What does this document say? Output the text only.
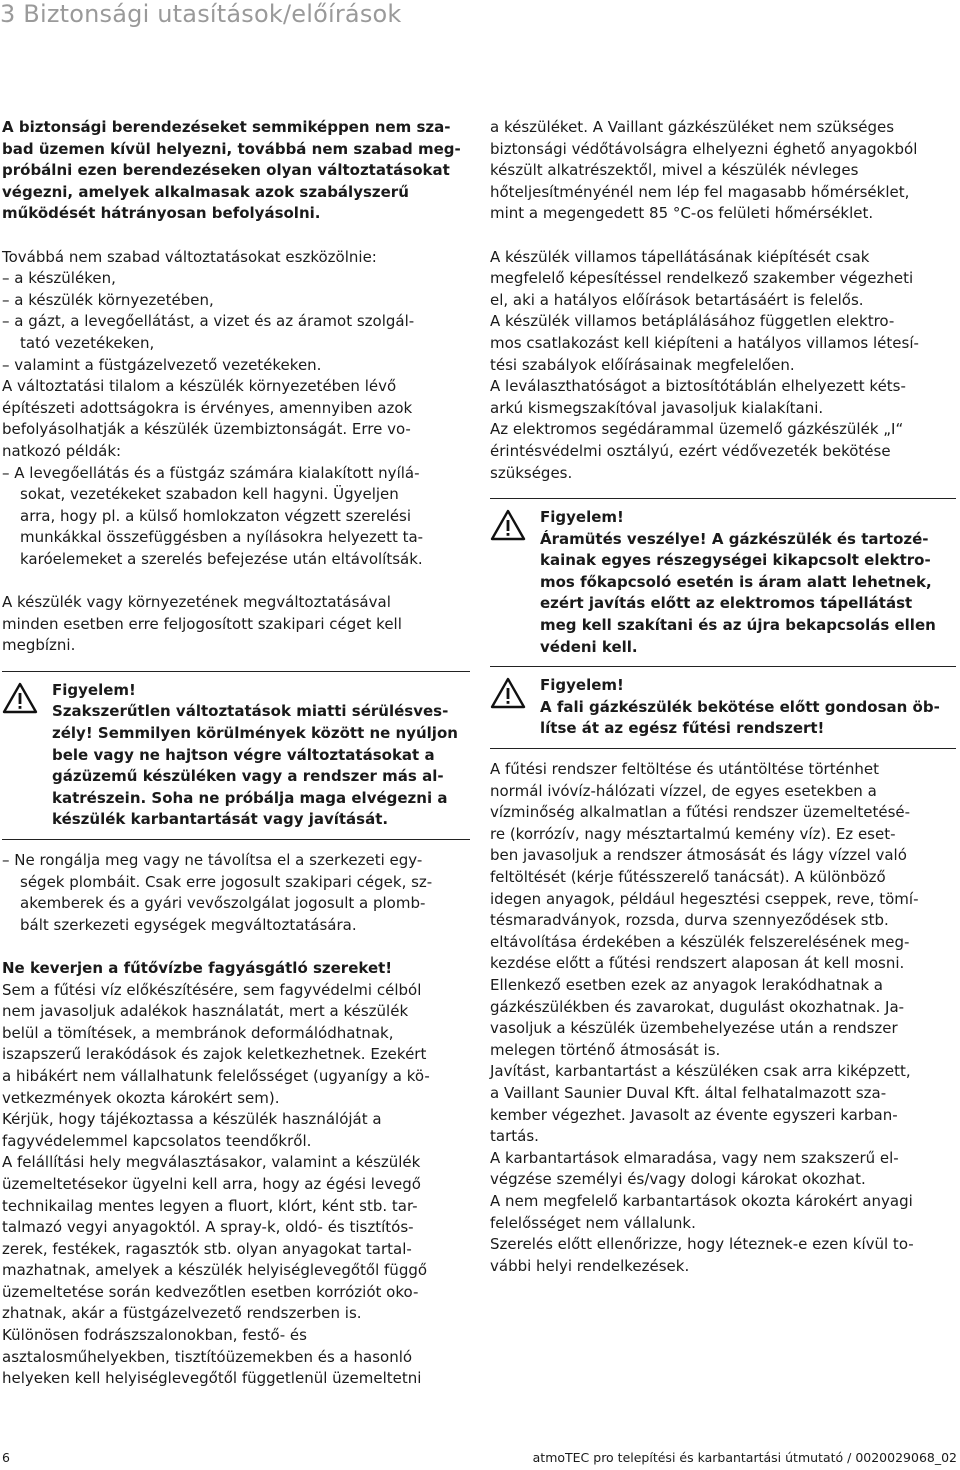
3 Biztonsági utasítások/előírások
A biztonsági berendezéseket semmiképpen nem sza-
bad üzemen kívül helyezni, továbbá nem szabad meg-
próbálni ezen berendezéseken olyan változtatásokat
végezni, amelyek alkalmasak azok szabályszerű
működését hátrányosan befolyásolni.
Továbbá nem szabad változtatásokat eszközölnie:
– a készüléken,
– a készülék környezetében,
– a gázt, a levegőellátást, a vizet és az áramot szolgál-
tató vezetékeken,
– valamint a füstgázelvezető vezetékeken.
A változtatási tilalom a készülék környezetében lévő
építészeti adottságokra is érvényes, amennyiben azok
befolyásolhatják a készülék üzembiztonságát. Erre vo-
natkozó példák:
– A levegőellátás és a füstgáz számára kialakított nyílá-
sokat, vezetékeket szabadon kell hagyni. Ügyeljen
arra, hogy pl. a külső homlokzaton végzett szerelési
munkákkal összefüggésben a nyílásokra helyezett ta-
karóelemeket a szerelés befejezése után eltávolítsák.
A készülék vagy környezetének megváltoztatásával
minden esetben erre feljogosított szakipari céget kell
megbízni.
Figyelem!
Szakszerűtlen változtatások miatti sérülésves-
zély! Semmilyen körülmények között ne nyúljon
bele vagy ne hajtson végre változtatásokat a
gázüzemű készüléken vagy a rendszer más al-
katrészein. Soha ne próbálja maga elvégezni a
készülék karbantartását vagy javítását.
– Ne rongálja meg vagy ne távolítsa el a szerkezeti egy-
ségek plombáit. Csak erre jogosult szakipari cégek, sz-
akemberek és a gyári vevőszolgálat jogosult a plomb-
bált szerkezeti egységek megváltoztatására.
Ne keverjen a fűtővízbe fagyásgátló szereket!
Sem a fűtési víz előkészítésére, sem fagyvédelmi célból
nem javasoljuk adalékok használatát, mert a készülék
belül a tömítések, a membránok deformálódhatnak,
iszapszerű lerakódások és zajok keletkezhetnek. Ezekért
a hibákért nem vállalhatunk felelősséget (ugyanígy a kö-
vetkezmények okozta károkért sem).
Kérjük, hogy tájékoztassa a készülék használóját a
fagyvédelemmel kapcsolatos teendőkről.
A felállítási hely megválasztásakor, valamint a készülék
üzemeltetésekor ügyelni kell arra, hogy az égési levegő
technikailag mentes legyen a fluort, klórt, ként stb. tar-
talmazó vegyi anyagoktól. A spray-k, oldó- és tisztítós-
zerek, festékek, ragasztók stb. olyan anyagokat tartal-
mazhatnak, amelyek a készülék helyiséglevegőtől függő
üzemeltetése során kedvezőtlen esetben korróziót oko-
zhatnak, akár a füstgázelvezető rendszerben is.
Különösen fodrászszalonokban, festő- és
asztalosműhelyekben, tisztítóüzemekben és a hasonló
helyeken kell helyiséglevegőtől függetlenül üzemeltetni
a készüléket. A Vaillant gázkészüléket nem szükséges
biztonsági védőtávolságra elhelyezni éghető anyagokból
készült alkatrészektől, mivel a készülék névleges
hőteljesítményénél nem lép fel magasabb hőmérséklet,
mint a megengedett 85 °C-os felületi hőmérséklet.
A készülék villamos tápellátásának kiépítését csak
megfelelő képesítéssel rendelkező szakember végezheti
el, aki a hatályos előírások betartásáért is felelős.
A készülék villamos betáplálásához független elektro-
mos csatlakozást kell kiépíteni a hatályos villamos létesí-
tési szabályok előírásainak megfelelően.
A leválaszthatóságot a biztosítótáblán elhelyezett kéts-
arkú kismegszakítóval javasoljuk kialakítani.
Az elektromos segédárammal üzemelő gázkészülék „I“
érintésvédelmi osztályú, ezért védővezeték bekötése
szükséges.
Figyelem!
Áramütés veszélye! A gázkészülék és tartozé-
kainak egyes részegységei kikapcsolt elektro-
mos főkapcsoló esetén is áram alatt lehetnek,
ezért javítás előtt az elektromos tápellátást
meg kell szakítani és az újra bekapcsolás ellen
védeni kell.
Figyelem!
A fali gázkészülék bekötése előtt gondosan öb-
lítse át az egész fűtési rendszert!
A fűtési rendszer feltöltése és utántöltése történhet
normál ivóvíz-hálózati vízzel, de egyes esetekben a
vízminőség alkalmatlan a fűtési rendszer üzemeltetésé-
re (korrózív, nagy mésztartalmú kemény víz). Ez eset-
ben javasoljuk a rendszer átmosását és lágy vízzel való
feltöltését (kérje fűtésszerelő tanácsát). A különböző
idegen anyagok, például hegesztési cseppek, reve, tömí-
tésmaradványok, rozsda, durva szennyeződések stb.
eltávolítása érdekében a készülék felszerelésének meg-
kezdése előtt a fűtési rendszert alaposan át kell mosni.
Ellenkező esetben ezek az anyagok lerakódhatnak a
gázkészülékben és zavarokat, dugulást okozhatnak. Ja-
vasoljuk a készülék üzembehelyezése után a rendszer
melegen történő átmosását is.
Javítást, karbantartást a készüléken csak arra kiképzett,
a Vaillant Saunier Duval Kft. által felhatalmazott sza-
kember végezhet. Javasolt az évente egyszeri karban-
tartás.
A karbantartások elmaradása, vagy nem szakszerű el-
végzése személyi és/vagy dologi károkat okozhat.
A nem megfelelő karbantartások okozta károkért anyagi
felelősséget nem vállalunk.
Szerelés előtt ellenőrizze, hogy léteznek-e ezen kívül to-
vábbi helyi rendelkezések.
6	atmoTEC pro telepítési és karbantartási útmutató / 0020029068_02
